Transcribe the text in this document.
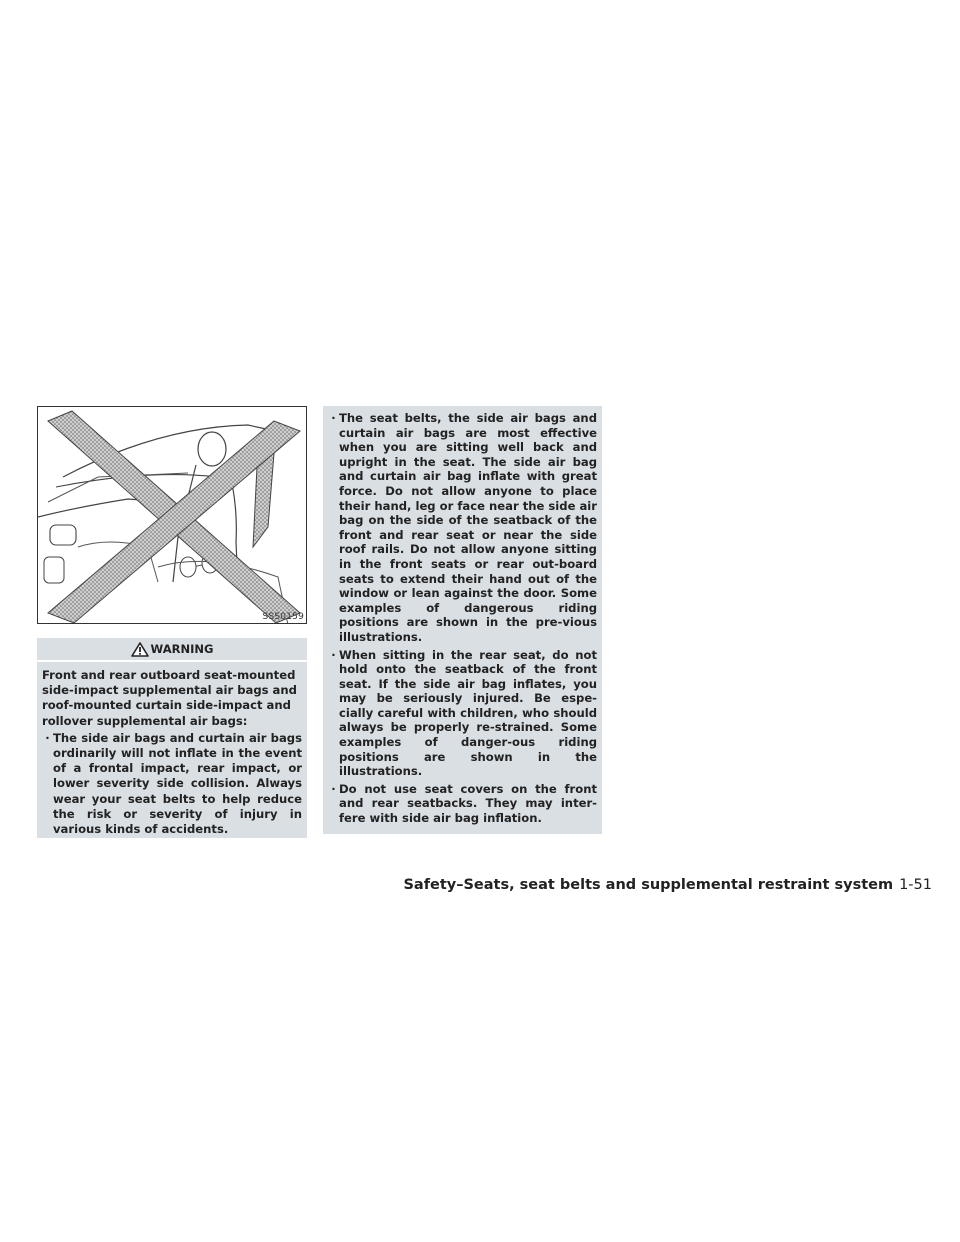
SSS0159
WARNING

Front and rear outboard seat-mounted side-impact supplemental air bags and roof-mounted curtain side-impact and rollover supplemental air bags:

· The side air bags and curtain air bags ordinarily will not inflate in the event of a frontal impact, rear impact, or lower severity side collision. Always wear your seat belts to help reduce the risk or severity of injury in various kinds of accidents.
· The seat belts, the side air bags and curtain air bags are most effective when you are sitting well back and upright in the seat. The side air bag and curtain air bag inflate with great force. Do not allow anyone to place their hand, leg or face near the side air bag on the side of the seatback of the front and rear seat or near the side roof rails. Do not allow anyone sitting in the front seats or rear out-board seats to extend their hand out of the window or lean against the door. Some examples of dangerous riding positions are shown in the pre-vious illustrations.
· When sitting in the rear seat, do not hold onto the seatback of the front seat. If the side air bag inflates, you may be seriously injured. Be espe-cially careful with children, who should always be properly re-strained. Some examples of danger-ous riding positions are shown in the illustrations.
· Do not use seat covers on the front and rear seatbacks. They may inter-fere with side air bag inflation.
Safety–Seats, seat belts and supplemental restraint system 1-51
